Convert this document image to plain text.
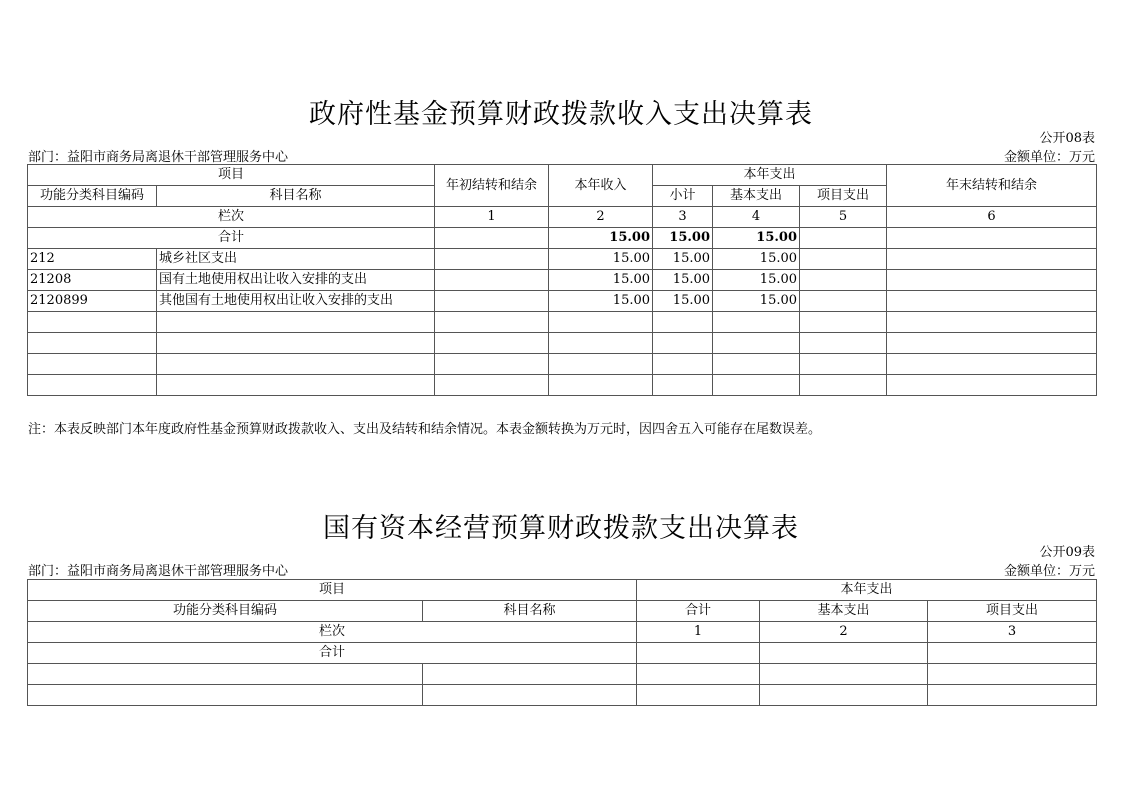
政府性基金预算财政拨款收入支出决算表
公开08表
部门：益阳市商务局离退休干部管理服务中心	金额单位：万元
项目		年初结转和结余	本年收入	本年支出			年末结转和结余
功能分类科目编码	科目名称			小计	基本支出	项目支出	
栏次		1	2	3	4	5	6
合计			15.00	15.00	15.00		
212	城乡社区支出		15.00	15.00	15.00		
21208	国有土地使用权出让收入安排的支出		15.00	15.00	15.00		
2120899	其他国有土地使用权出让收入安排的支出		15.00	15.00	15.00		

注：本表反映部门本年度政府性基金预算财政拨款收入、支出及结转和结余情况。本表金额转换为万元时，因四舍五入可能存在尾数误差。
国有资本经营预算财政拨款支出决算表
公开09表
部门：益阳市商务局离退休干部管理服务中心	金额单位：万元
项目		本年支出		
功能分类科目编码	科目名称	合计	基本支出	项目支出
栏次		1	2	3
合计				
